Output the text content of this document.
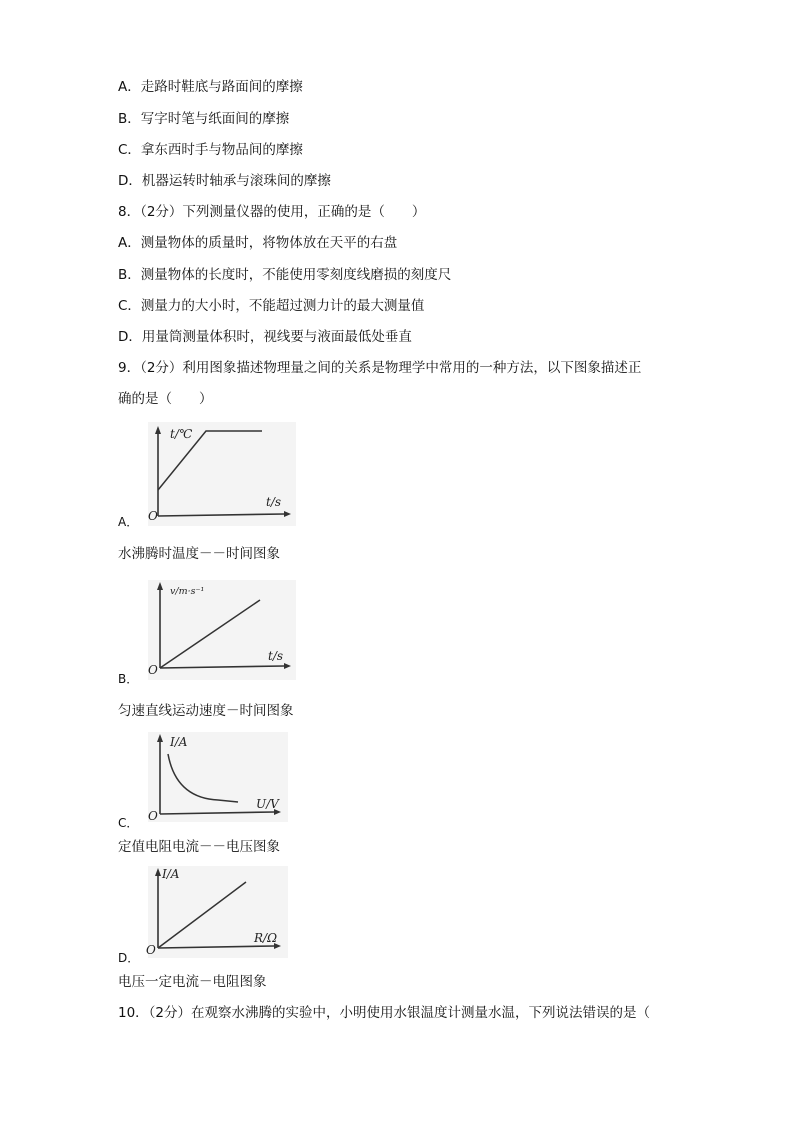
A．走路时鞋底与路面间的摩擦
B．写字时笔与纸面间的摩擦
C．拿东西时手与物品间的摩擦
D．机器运转时轴承与滚珠间的摩擦
8．（2分）下列测量仪器的使用，正确的是（　　）
A．测量物体的质量时，将物体放在天平的右盘
B．测量物体的长度时，不能使用零刻度线磨损的刻度尺
C．测量力的大小时，不能超过测力计的最大测量值
D．用量筒测量体积时，视线要与液面最低处垂直
9．（2分）利用图象描述物理量之间的关系是物理学中常用的一种方法，以下图象描述正
确的是（　　）
t/℃
t/s
O
A．
水沸腾时温度－－时间图象
v/m·s⁻¹
t/s
O
B．
匀速直线运动速度－时间图象
I/A
U/V
O
C．
定值电阻电流－－电压图象
I/A
R/Ω
O
D．
电压一定电流－电阻图象
10．（2分）在观察水沸腾的实验中，小明使用水银温度计测量水温，下列说法错误的是（
